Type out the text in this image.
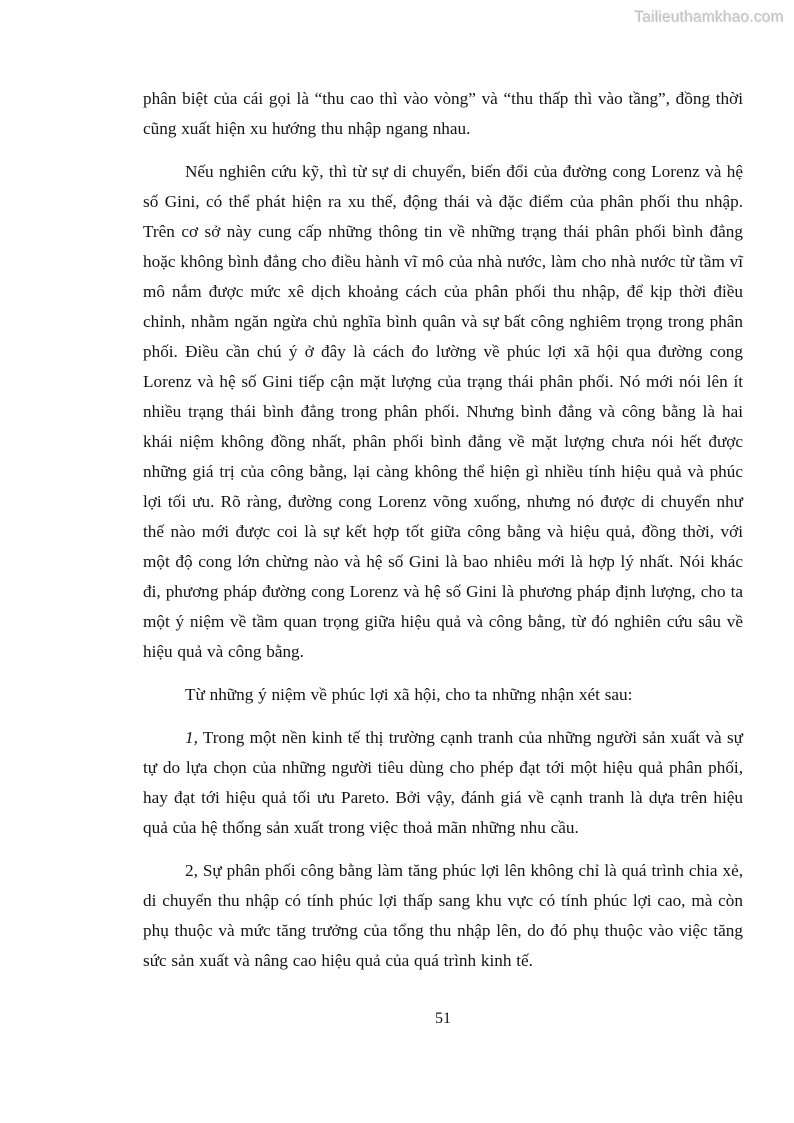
Tailieuthamkhao.com

phân biệt của cái gọi là “thu cao thì vào vòng” và “thu thấp thì vào tầng”, đồng thời cũng xuất hiện xu hướng thu nhập ngang nhau.

Nếu nghiên cứu kỹ, thì từ sự di chuyển, biến đổi của đường cong Lorenz và hệ số Gini, có thể phát hiện ra xu thế, động thái và đặc điểm của phân phối thu nhập. Trên cơ sở này cung cấp những thông tin về những trạng thái phân phối bình đẳng hoặc không bình đẳng cho điều hành vĩ mô của nhà nước, làm cho nhà nước từ tầm vĩ mô nắm được mức xê dịch khoảng cách của phân phối thu nhập, để kịp thời điều chỉnh, nhằm ngăn ngừa chủ nghĩa bình quân và sự bất công nghiêm trọng trong phân phối. Điều cần chú ý ở đây là cách đo lường về phúc lợi xã hội qua đường cong Lorenz và hệ số Gini tiếp cận mặt lượng của trạng thái phân phối. Nó mới nói lên ít nhiều trạng thái bình đẳng trong phân phối. Nhưng bình đẳng và công bằng là hai khái niệm không đồng nhất, phân phối bình đẳng về mặt lượng chưa nói hết được những giá trị của công bằng, lại càng không thể hiện gì nhiều tính hiệu quả và phúc lợi tối ưu. Rõ ràng, đường cong Lorenz võng xuống, nhưng nó được di chuyển như thế nào mới được coi là sự kết hợp tốt giữa công bằng và hiệu quả, đồng thời, với một độ cong lớn chừng nào và hệ số Gini là bao nhiêu mới là hợp lý nhất. Nói khác đi, phương pháp đường cong Lorenz và hệ số Gini là phương pháp định lượng, cho ta một ý niệm về tầm quan trọng giữa hiệu quả và công bằng, từ đó nghiên cứu sâu về hiệu quả và công bằng.

Từ những ý niệm về phúc lợi xã hội, cho ta những nhận xét sau:

1, Trong một nền kinh tế thị trường cạnh tranh của những người sản xuất và sự tự do lựa chọn của những người tiêu dùng cho phép đạt tới một hiệu quả phân phối, hay đạt tới hiệu quả tối ưu Pareto. Bởi vậy, đánh giá về cạnh tranh là dựa trên hiệu quả của hệ thống sản xuất trong việc thoả mãn những nhu cầu.

2, Sự phân phối công bằng làm tăng phúc lợi lên không chỉ là quá trình chia xẻ, di chuyển thu nhập có tính phúc lợi thấp sang khu vực có tính phúc lợi cao, mà còn phụ thuộc và mức tăng trưởng của tổng thu nhập lên, do đó phụ thuộc vào việc tăng sức sản xuất và nâng cao hiệu quả của quá trình kinh tế.

51
